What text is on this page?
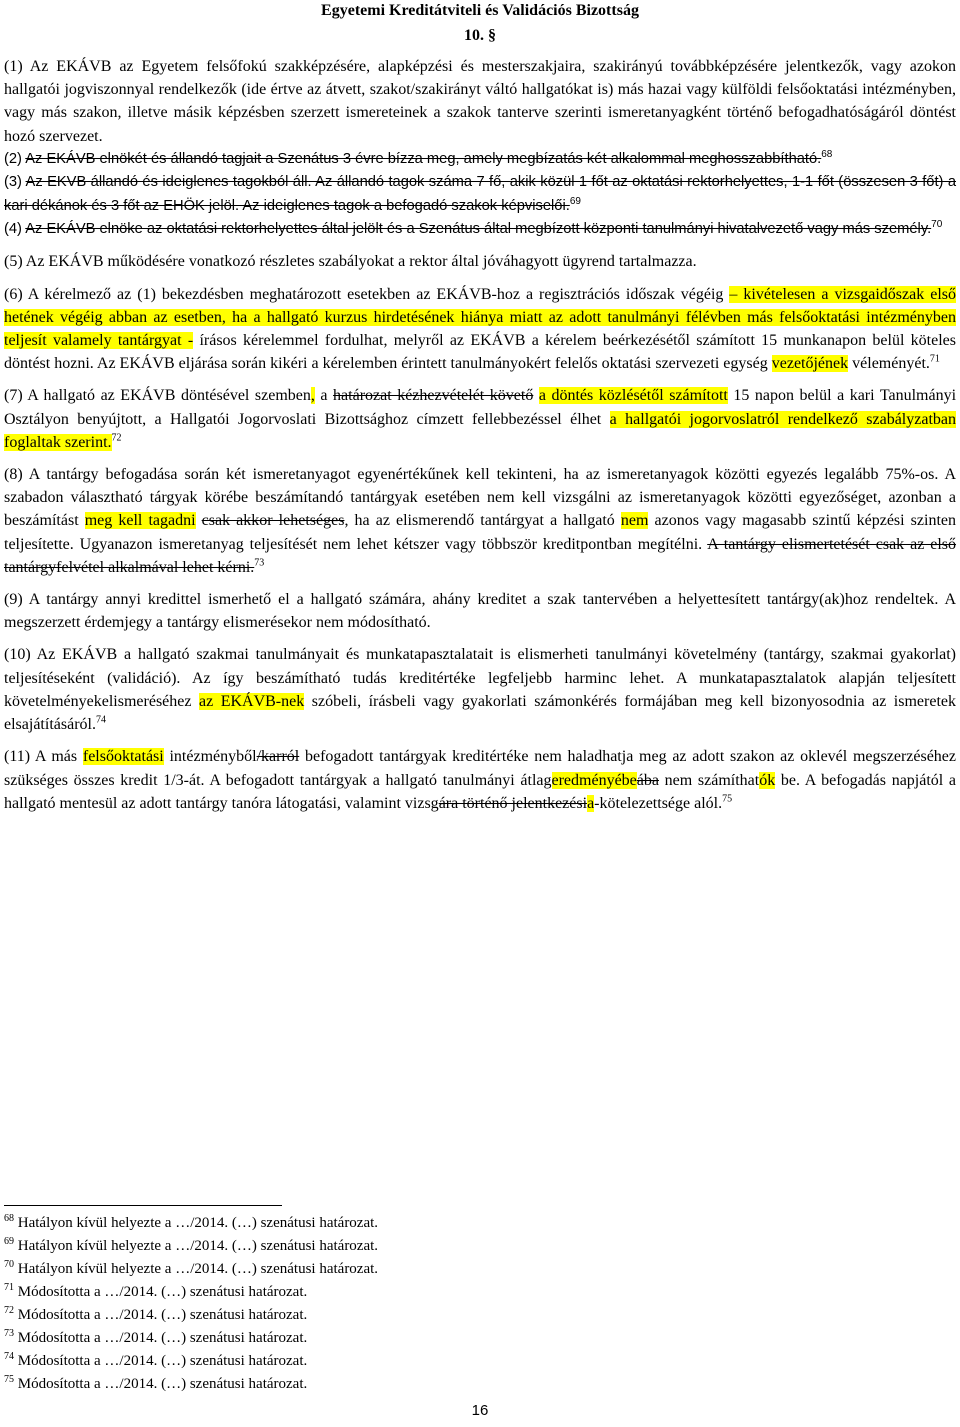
Egyetemi Kreditátviteli és Validációs Bizottság
10. §

(1) Az EKÁVB az Egyetem felsőfokú szakképzésére, alapképzési és mesterszakjaira, szakirányú továbbképzésére jelentkezők, vagy azokon hallgatói jogviszonnyal rendelkezők (ide értve az átvett, szakot/szakirányt váltó hallgatókat is) más hazai vagy külföldi felsőoktatási intézményben, vagy más szakon, illetve másik képzésben szerzett ismereteinek a szakok tanterve szerinti ismeretanyagként történő befogadhatóságáról döntést hozó szervezet.

(2) Az EKÁVB elnökét és állandó tagjait a Szenátus 3 évre bízza meg, amely megbízatás két alkalommal meghosszabbítható.$^{68}$

(3) Az EKVB állandó és ideiglenes tagokból áll. Az állandó tagok száma 7 fő, akik közül 1 főt az oktatási rektorhelyettes, 1-1 főt (összesen 3 főt) a kari dékánok és 3 főt az EHÖK jelöl. Az ideiglenes tagok a befogadó szakok képviselői.$^{69}$

(4) Az EKÁVB elnöke az oktatási rektorhelyettes által jelölt és a Szenátus által megbízott központi tanulmányi hivatalvezető vagy más személy.$^{70}$

(5) Az EKÁVB működésére vonatkozó részletes szabályokat a rektor által jóváhagyott ügyrend tartalmazza.

(6) A kérelmező az (1) bekezdésben meghatározott esetekben az EKÁVB-hoz a regisztrációs időszak végéig – kivételesen a vizsgaidőszak első hetének végéig abban az esetben, ha a hallgató kurzus hirdetésének hiánya miatt az adott tanulmányi félévben más felsőoktatási intézményben teljesít valamely tantárgyat - írásos kérelemmel fordulhat, melyről az EKÁVB a kérelem beérkezésétől számított 15 munkanapon belül köteles döntést hozni. Az EKÁVB eljárása során kikéri a kérelemben érintett tanulmányokért felelős oktatási szervezeti egység vezetőjének véleményét.$^{71}$

(7) A hallgató az EKÁVB döntésével szemben, a határozat kézhezvételét követő a döntés közlésétől számított 15 napon belül a kari Tanulmányi Osztályon benyújtott, a Hallgatói Jogorvoslati Bizottsághoz címzett fellebbezéssel élhet a hallgatói jogorvoslatról rendelkező szabályzatban foglaltak szerint.$^{72}$

(8) A tantárgy befogadása során két ismeretanyagot egyenértékűnek kell tekinteni, ha az ismeretanyagok közötti egyezés legalább 75%-os. A szabadon választható tárgyak körébe beszámítandó tantárgyak esetében nem kell vizsgálni az ismeretanyagok közötti egyezőséget, azonban a beszámítást meg kell tagadni csak akkor lehetséges, ha az elismerendő tantárgyat a hallgató nem azonos vagy magasabb szintű képzési szinten teljesítette. Ugyanazon ismeretanyag teljesítését nem lehet kétszer vagy többször kreditpontban megítélni. A tantárgy elismertetését csak az első tantárgyfelvétel alkalmával lehet kérni.$^{73}$

(9) A tantárgy annyi kredittel ismerhető el a hallgató számára, ahány kreditet a szak tantervében a helyettesített tantárgy(ak)hoz rendeltek. A megszerzett érdemjegy a tantárgy elismerésekor nem módosítható.

(10) Az EKÁVB a hallgató szakmai tanulmányait és munkatapasztalatait is elismerheti tanulmányi követelmény (tantárgy, szakmai gyakorlat) teljesítéseként (validáció). Az így beszámítható tudás kreditértéke legfeljebb harminc lehet. A munkatapasztalatok alapján teljesített követelményekelismeréséhez az EKÁVB-nek szóbeli, írásbeli vagy gyakorlati számonkérés formájában meg kell bizonyosodnia az ismeretek elsajátításáról.$^{74}$

(11) A más felsőoktatási intézményből/karról befogadott tantárgyak kreditértéke nem haladhatja meg az adott szakon az oklevél megszerzéséhez szükséges összes kredit 1/3-át. A befogadott tantárgyak a hallgató tanulmányi átlageredményébeába nem számíthatók be. A befogadás napjától a hallgató mentesül az adott tantárgy tanóra látogatási, valamint vizsgára történő jelentkezésia-kötelezettsége alól.$^{75}$

$^{68}$ Hatályon kívül helyezte a …/2014. (…) szenátusi határozat.

$^{69}$ Hatályon kívül helyezte a …/2014. (…) szenátusi határozat.

$^{70}$ Hatályon kívül helyezte a …/2014. (…) szenátusi határozat.

$^{71}$ Módosította a …/2014. (…) szenátusi határozat.

$^{72}$ Módosította a …/2014. (…) szenátusi határozat.

$^{73}$ Módosította a …/2014. (…) szenátusi határozat.

$^{74}$ Módosította a …/2014. (…) szenátusi határozat.

$^{75}$ Módosította a …/2014. (…) szenátusi határozat.

16
